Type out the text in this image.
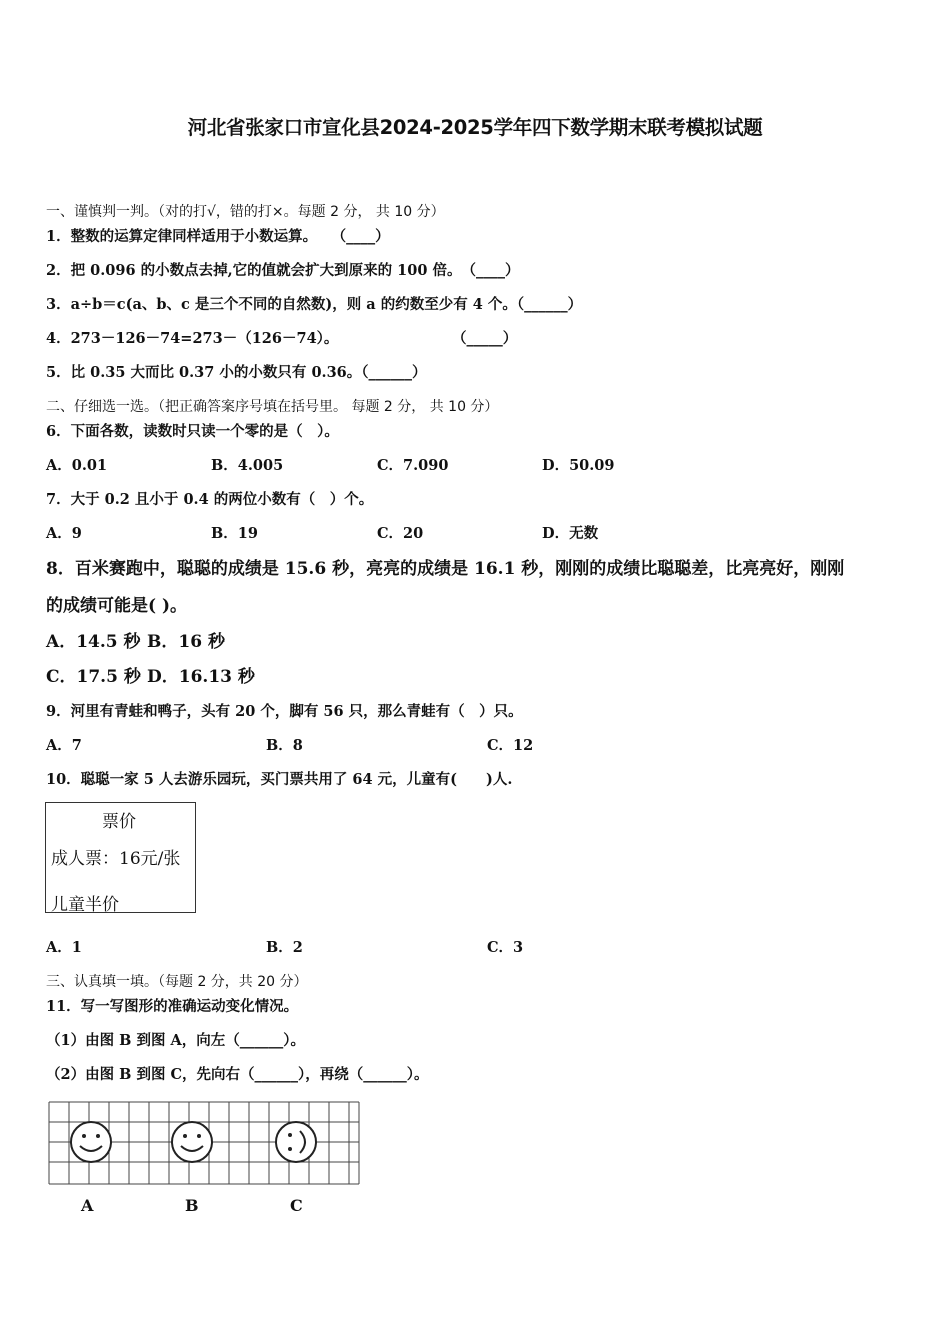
河北省张家口市宣化县2024-2025学年四下数学期末联考模拟试题
一、谨慎判一判。（对的打√，错的打×。每题 2 分， 共 10 分）
1．整数的运算定律同样适用于小数运算。　　（____）
2．把 0.096 的小数点去掉,它的值就会扩大到原来的 100 倍。　（____）
3．a÷b＝c(a、b、c 是三个不同的自然数)，则 a 的约数至少有 4 个。（______）
4．273－126－74=273－（126－74）。	（_____）
5．比 0.35 大而比 0.37 小的小数只有 0.36。（______）
二、仔细选一选。（把正确答案序号填在括号里。 每题 2 分， 共 10 分）
6．下面各数，读数时只读一个零的是（　）。
A．0.01	B．4.005	C．7.090	D．50.09
7．大于 0.2 且小于 0.4 的两位小数有（　）个。
A．9	B．19	C．20	D．无数
8．百米赛跑中，聪聪的成绩是 15.6 秒，亮亮的成绩是 16.1 秒，刚刚的成绩比聪聪差，比亮亮好，刚刚
的成绩可能是( )。
A．14.5 秒 B．16 秒
C．17.5 秒 D．16.13 秒
9．河里有青蛙和鸭子，头有 20 个，脚有 56 只，那么青蛙有（　）只。
A．7	B．8	C．12
10．聪聪一家 5 人去游乐园玩，买门票共用了 64 元，儿童有(　　)人.
票价
成人票：16元/张
儿童半价
A．1	B．2	C．3
三、认真填一填。（每题 2 分，共 20 分）
11．写一写图形的准确运动变化情况。
（1）由图 B 到图 A，向左（______）。
（2）由图 B 到图 C，先向右（______），再绕（______）。
A	B	C
